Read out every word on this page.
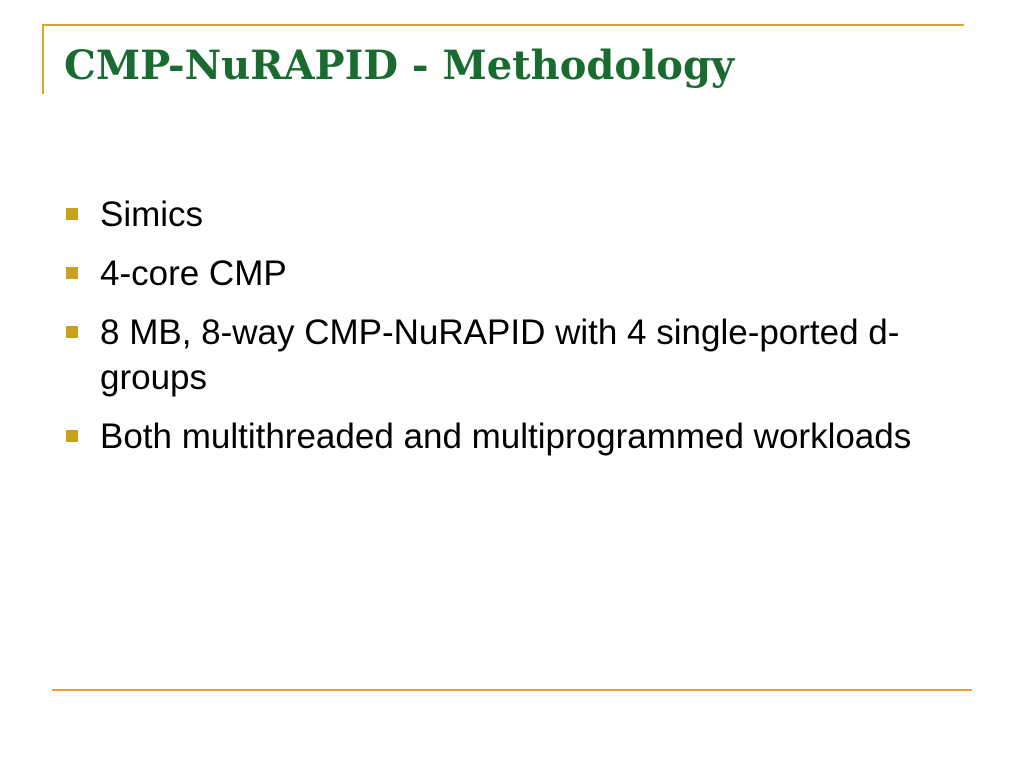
CMP-NuRAPID - Methodology
Simics
4-core CMP
8 MB, 8-way CMP-NuRAPID with 4 single-ported d-groups
Both multithreaded and multiprogrammed workloads
